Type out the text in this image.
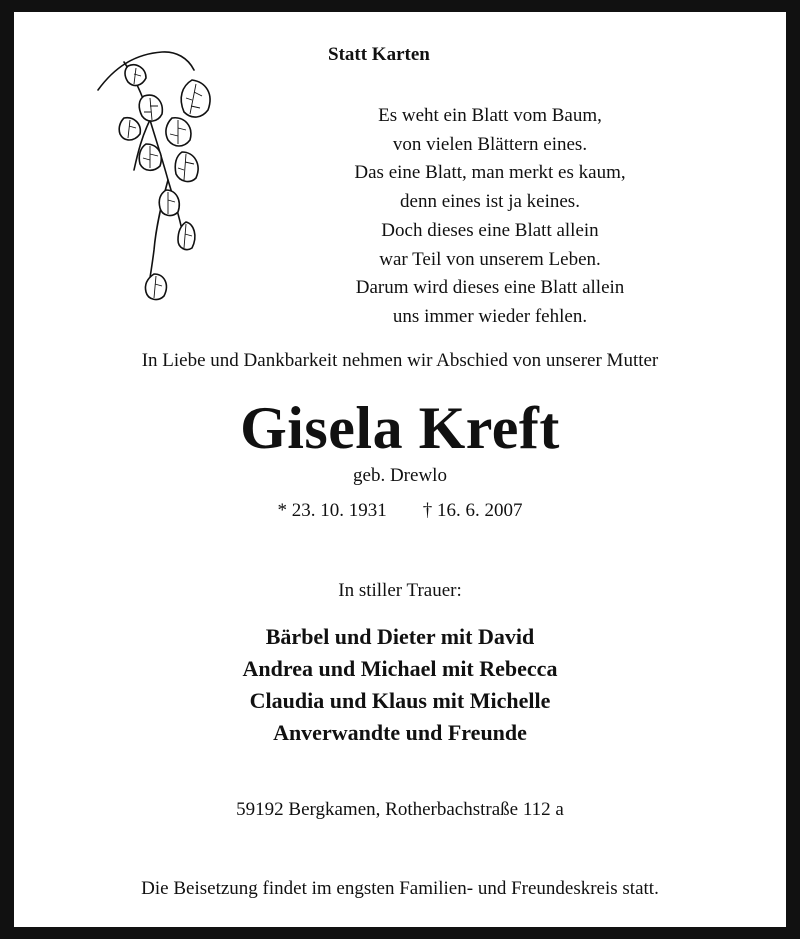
Statt Karten
Es weht ein Blatt vom Baum,
von vielen Blättern eines.
Das eine Blatt, man merkt es kaum,
denn eines ist ja keines.
Doch dieses eine Blatt allein
war Teil von unserem Leben.
Darum wird dieses eine Blatt allein
uns immer wieder fehlen.
In Liebe und Dankbarkeit nehmen wir Abschied von unserer Mutter
Gisela Kreft
geb. Drewlo
* 23. 10. 1931 † 16. 6. 2007
In stiller Trauer:
Bärbel und Dieter mit David
Andrea und Michael mit Rebecca
Claudia und Klaus mit Michelle
Anverwandte und Freunde
59192 Bergkamen, Rotherbachstraße 112 a
Die Beisetzung findet im engsten Familien- und Freundeskreis statt.
